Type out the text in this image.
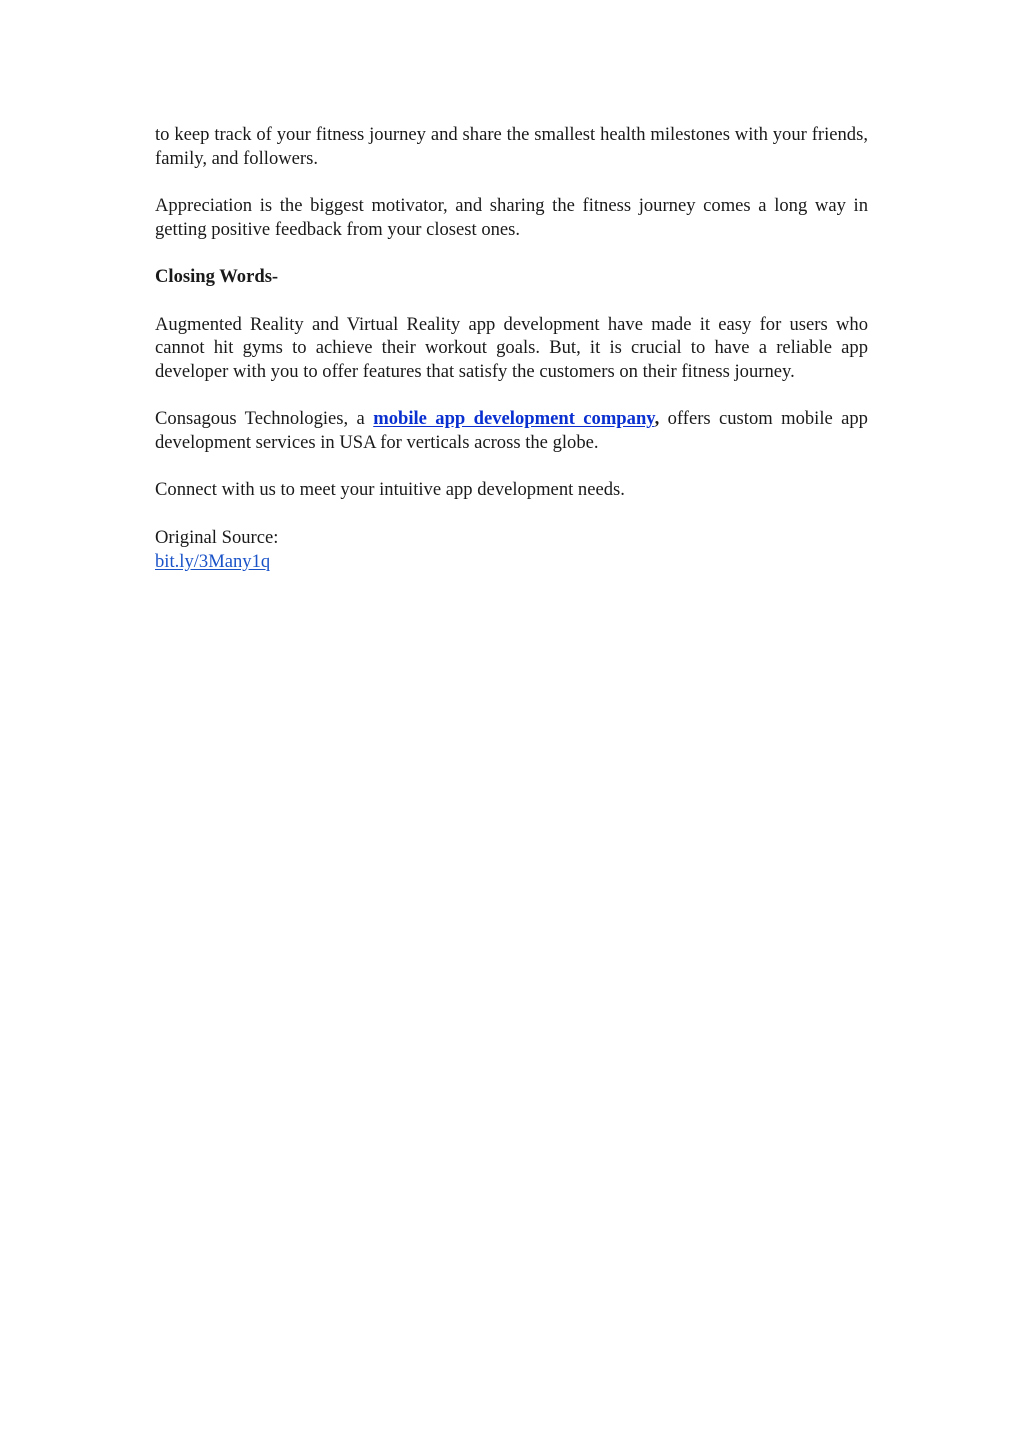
to keep track of your fitness journey and share the smallest health milestones with your friends, family, and followers.

Appreciation is the biggest motivator, and sharing the fitness journey comes a long way in getting positive feedback from your closest ones.

Closing Words-

Augmented Reality and Virtual Reality app development have made it easy for users who cannot hit gyms to achieve their workout goals. But, it is crucial to have a reliable app developer with you to offer features that satisfy the customers on their fitness journey.

Consagous Technologies, a mobile app development company, offers custom mobile app development services in USA for verticals across the globe.

Connect with us to meet your intuitive app development needs.

Original Source:

bit.ly/3Many1q
